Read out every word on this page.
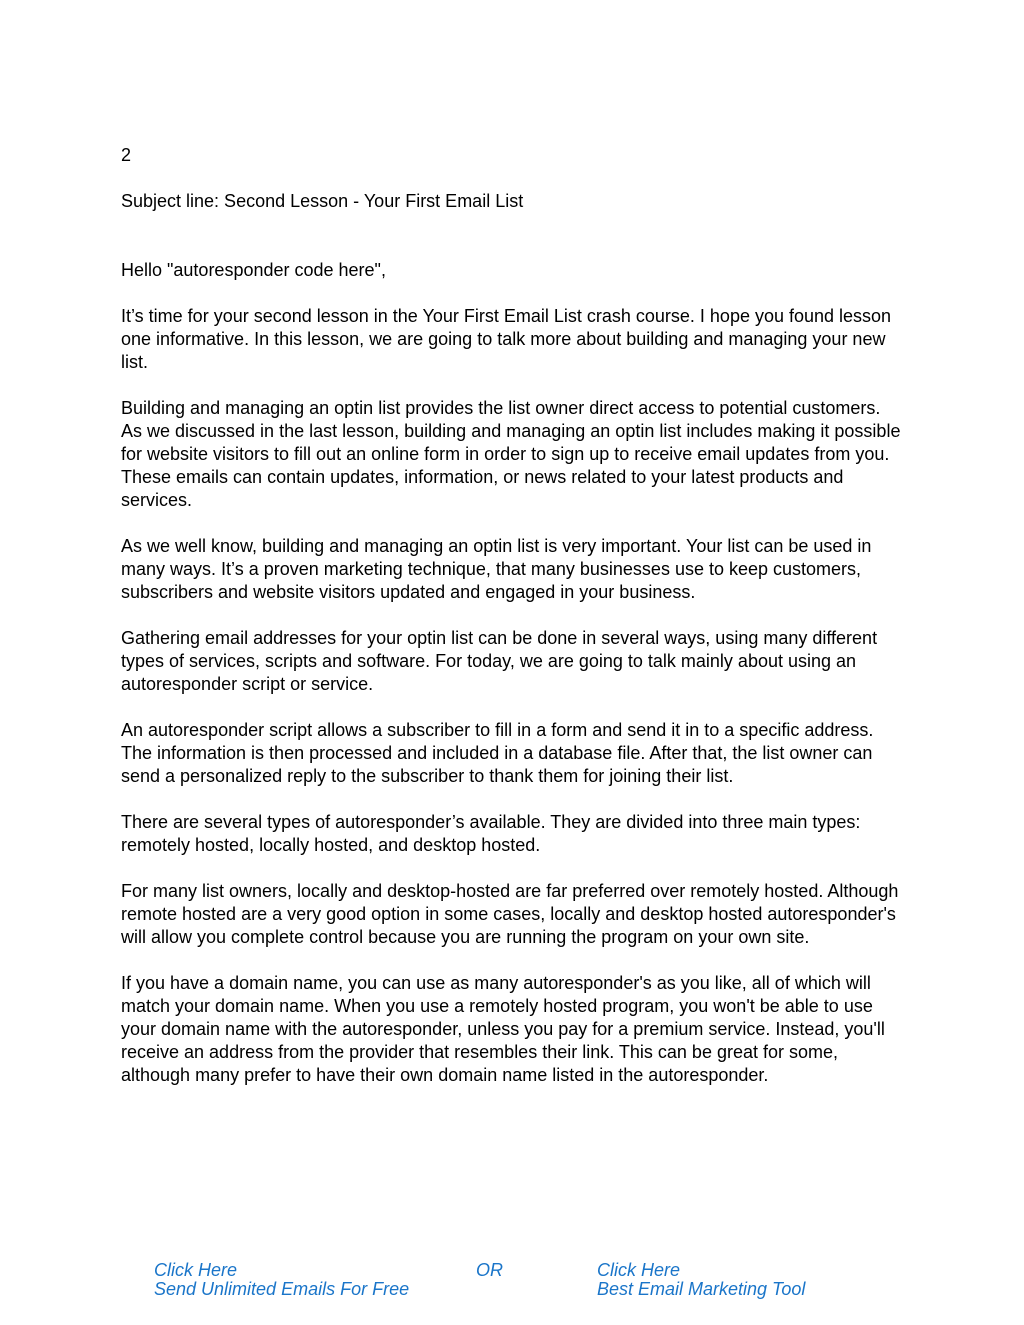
2

Subject line: Second Lesson - Your First Email List

Hello "autoresponder code here",

It’s time for your second lesson in the Your First Email List crash course. I hope you found lesson one informative. In this lesson, we are going to talk more about building and managing your new list.

Building and managing an optin list provides the list owner direct access to potential customers. As we discussed in the last lesson, building and managing an optin list includes making it possible for website visitors to fill out an online form in order to sign up to receive email updates from you. These emails can contain updates, information, or news related to your latest products and services.

As we well know, building and managing an optin list is very important. Your list can be used in many ways. It’s a proven marketing technique, that many businesses use to keep customers, subscribers and website visitors updated and engaged in your business.

Gathering email addresses for your optin list can be done in several ways, using many different types of services, scripts and software. For today, we are going to talk mainly about using an autoresponder script or service.

An autoresponder script allows a subscriber to fill in a form and send it in to a specific address. The information is then processed and included in a database file. After that, the list owner can send a personalized reply to the subscriber to thank them for joining their list.

There are several types of autoresponder’s available. They are divided into three main types: remotely hosted, locally hosted, and desktop hosted.

For many list owners, locally and desktop-hosted are far preferred over remotely hosted. Although remote hosted are a very good option in some cases, locally and desktop hosted autoresponder's will allow you complete control because you are running the program on your own site.

If you have a domain name, you can use as many autoresponder's as you like, all of which will match your domain name. When you use a remotely hosted program, you won't be able to use your domain name with the autoresponder, unless you pay for a premium service. Instead, you'll receive an address from the provider that resembles their link. This can be great for some, although many prefer to have their own domain name listed in the autoresponder.

Click Here
Send Unlimited Emails For Free
OR	Click Here
Best Email Marketing Tool
